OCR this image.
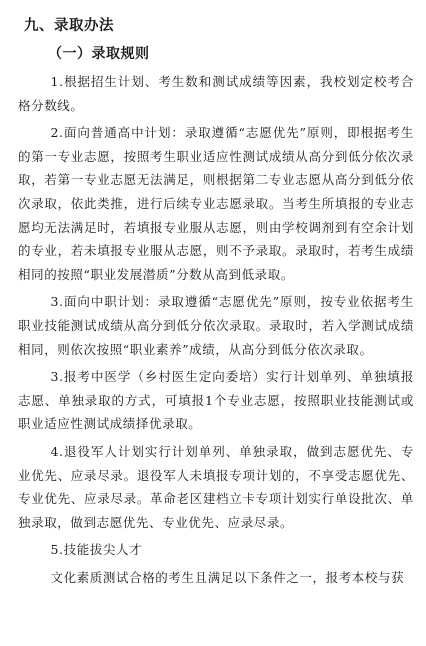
九、录取办法
（一）录取规则

1.根据招生计划、考生数和测试成绩等因素，我校划定校考合格分数线。

2.面向普通高中计划：录取遵循“志愿优先”原则，即根据考生的第一专业志愿，按照考生职业适应性测试成绩从高分到低分依次录取，若第一专业志愿无法满足，则根据第二专业志愿从高分到低分依次录取，依此类推，进行后续专业志愿录取。当考生所填报的专业志愿均无法满足时，若填报专业服从志愿，则由学校调剂到有空余计划的专业，若未填报专业服从志愿，则不予录取。录取时，若考生成绩相同的按照“职业发展潜质”分数从高到低录取。

3.面向中职计划：录取遵循“志愿优先”原则，按专业依据考生职业技能测试成绩从高分到低分依次录取。录取时，若入学测试成绩相同，则依次按照“职业素养”成绩，从高分到低分依次录取。

3.报考中医学（乡村医生定向委培）实行计划单列、单独填报志愿、单独录取的方式，可填报1个专业志愿，按照职业技能测试或职业适应性测试成绩择优录取。

4.退役军人计划实行计划单列、单独录取，做到志愿优先、专业优先、应录尽录。退役军人未填报专项计划的，不享受志愿优先、专业优先、应录尽录。革命老区建档立卡专项计划实行单设批次、单独录取，做到志愿优先、专业优先、应录尽录。

5.技能拔尖人才

文化素质测试合格的考生且满足以下条件之一，报考本校与获
